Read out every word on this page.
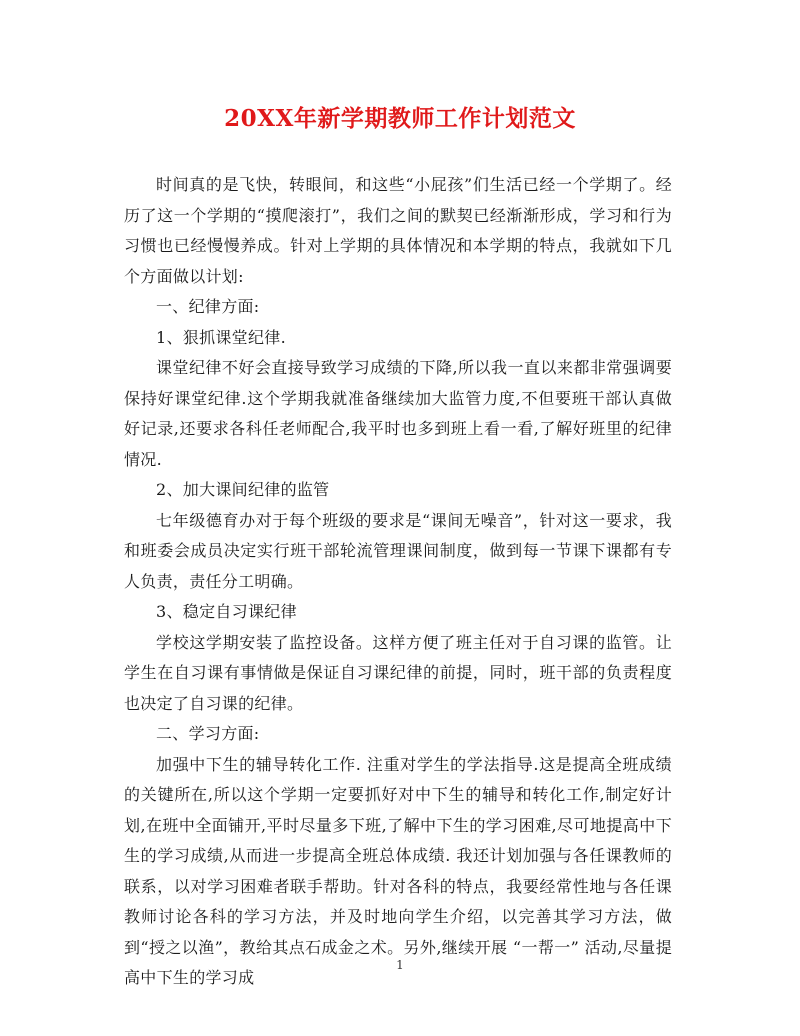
20XX年新学期教师工作计划范文

时间真的是飞快，转眼间，和这些“小屁孩”们生活已经一个学期了。经历了这一个学期的“摸爬滚打”，我们之间的默契已经渐渐形成，学习和行为习惯也已经慢慢养成。针对上学期的具体情况和本学期的特点，我就如下几个方面做以计划:

一、纪律方面:

1、狠抓课堂纪律.

课堂纪律不好会直接导致学习成绩的下降,所以我一直以来都非常强调要保持好课堂纪律.这个学期我就准备继续加大监管力度,不但要班干部认真做好记录,还要求各科任老师配合,我平时也多到班上看一看,了解好班里的纪律情况.

2、加大课间纪律的监管

七年级德育办对于每个班级的要求是“课间无噪音”，针对这一要求，我和班委会成员决定实行班干部轮流管理课间制度，做到每一节课下课都有专人负责，责任分工明确。

3、稳定自习课纪律

学校这学期安装了监控设备。这样方便了班主任对于自习课的监管。让学生在自习课有事情做是保证自习课纪律的前提，同时，班干部的负责程度也决定了自习课的纪律。

二、学习方面:

加强中下生的辅导转化工作. 注重对学生的学法指导.这是提高全班成绩的关键所在,所以这个学期一定要抓好对中下生的辅导和转化工作,制定好计划,在班中全面铺开,平时尽量多下班,了解中下生的学习困难,尽可地提高中下生的学习成绩,从而进一步提高全班总体成绩. 我还计划加强与各任课教师的联系，以对学习困难者联手帮助。针对各科的特点，我要经常性地与各任课教师讨论各科的学习方法，并及时地向学生介绍，以完善其学习方法，做到“授之以渔”，教给其点石成金之术。另外,继续开展 “一帮一” 活动,尽量提高中下生的学习成

1
